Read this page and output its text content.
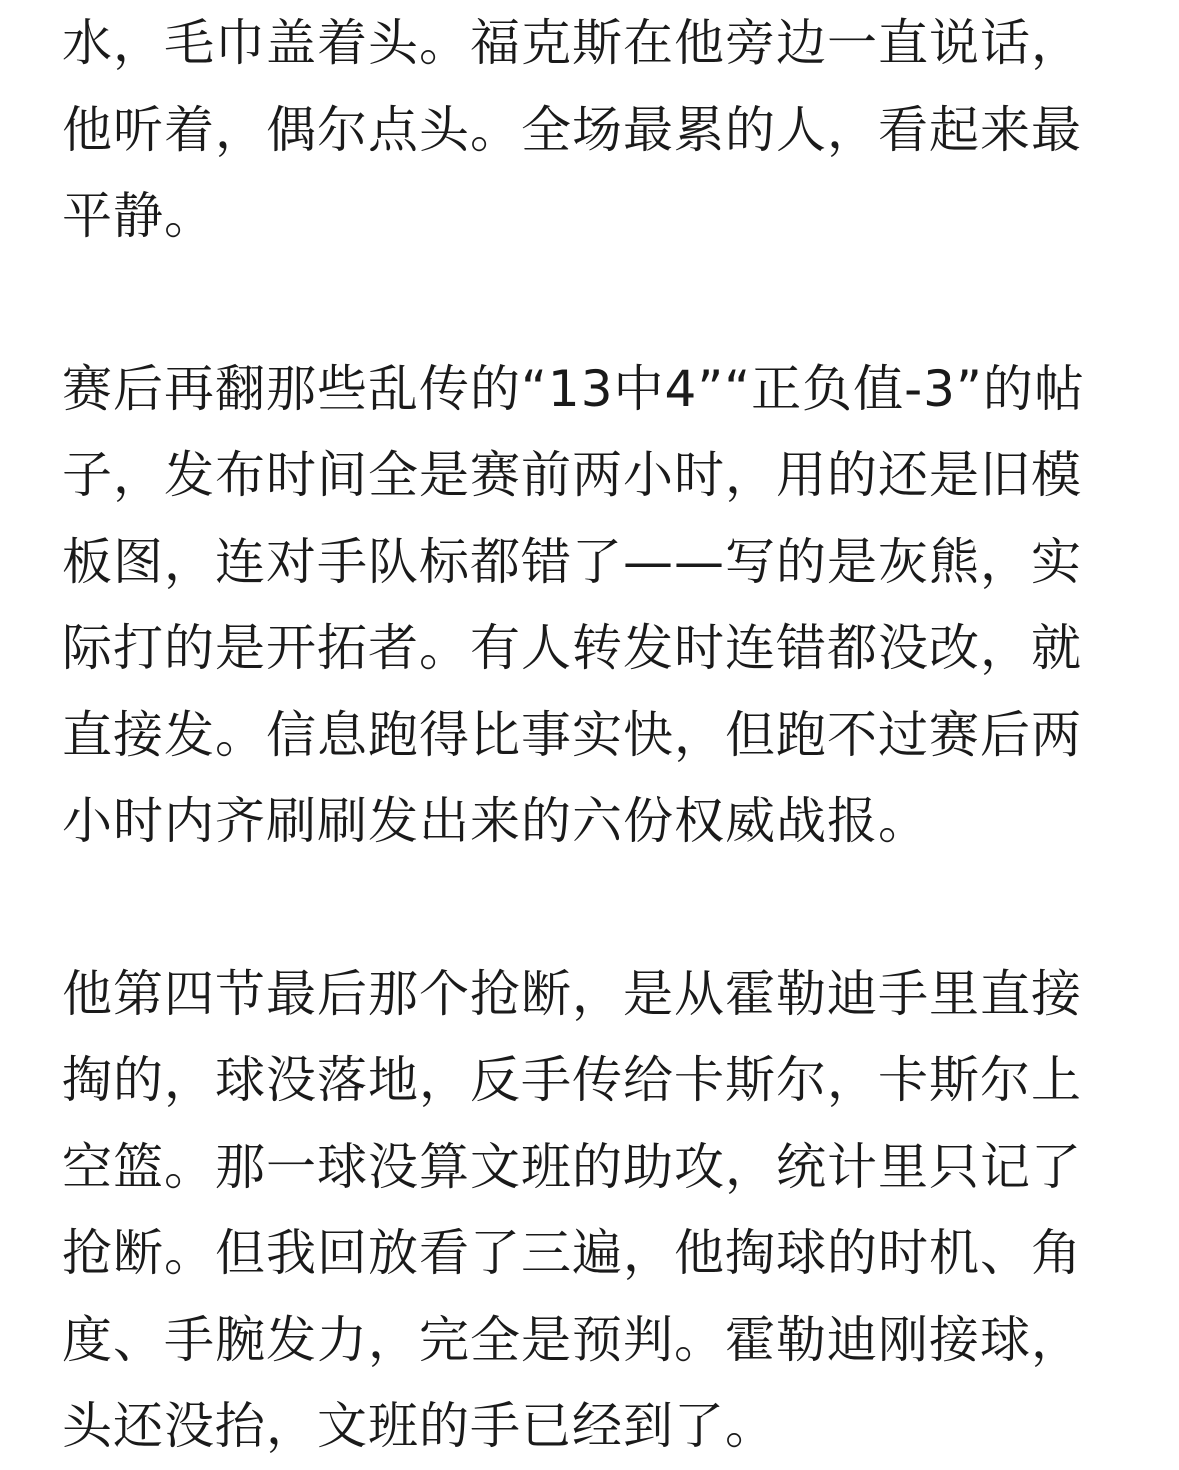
水，毛巾盖着头。福克斯在他旁边一直说话，
他听着，偶尔点头。全场最累的人，看起来最
平静。
赛后再翻那些乱传的“13中4”“正负值-3”的帖
子，发布时间全是赛前两小时，用的还是旧模
板图，连对手队标都错了——写的是灰熊，实
际打的是开拓者。有人转发时连错都没改，就
直接发。信息跑得比事实快，但跑不过赛后两
小时内齐刷刷发出来的六份权威战报。
他第四节最后那个抢断，是从霍勒迪手里直接
掏的，球没落地，反手传给卡斯尔，卡斯尔上
空篮。那一球没算文班的助攻，统计里只记了
抢断。但我回放看了三遍，他掏球的时机、角
度、手腕发力，完全是预判。霍勒迪刚接球，
头还没抬，文班的手已经到了。
